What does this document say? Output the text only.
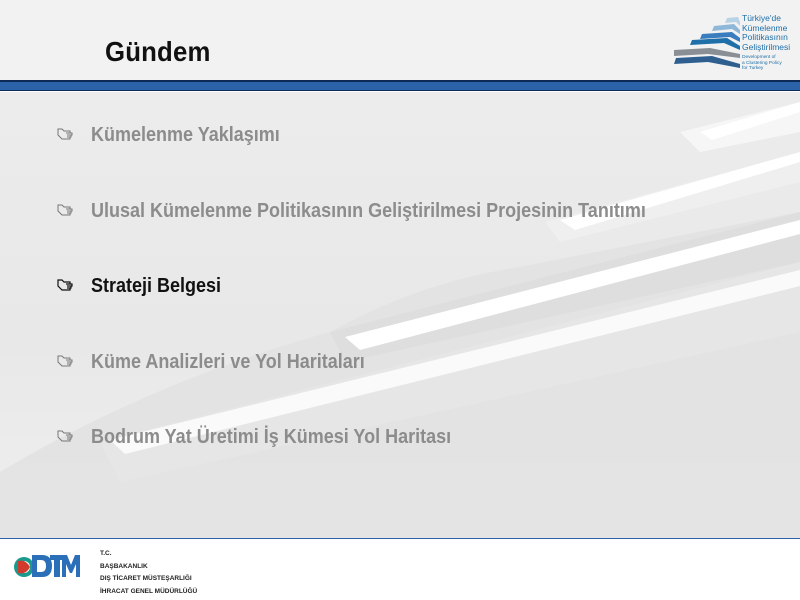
Gündem
Türkiye'de
Kümelenme
Politikasının
Geliştirilmesi
Development of
a Clustering Policy
for Turkey
Kümelenme Yaklaşımı
Ulusal Kümelenme Politikasının Geliştirilmesi Projesinin Tanıtımı
Strateji Belgesi
Küme Analizleri ve Yol Haritaları
Bodrum Yat Üretimi İş Kümesi Yol Haritası
T.C.
BAŞBAKANLIK
DIŞ TİCARET MÜSTEŞARLIĞI
İHRACAT GENEL MÜDÜRLÜĞÜ
